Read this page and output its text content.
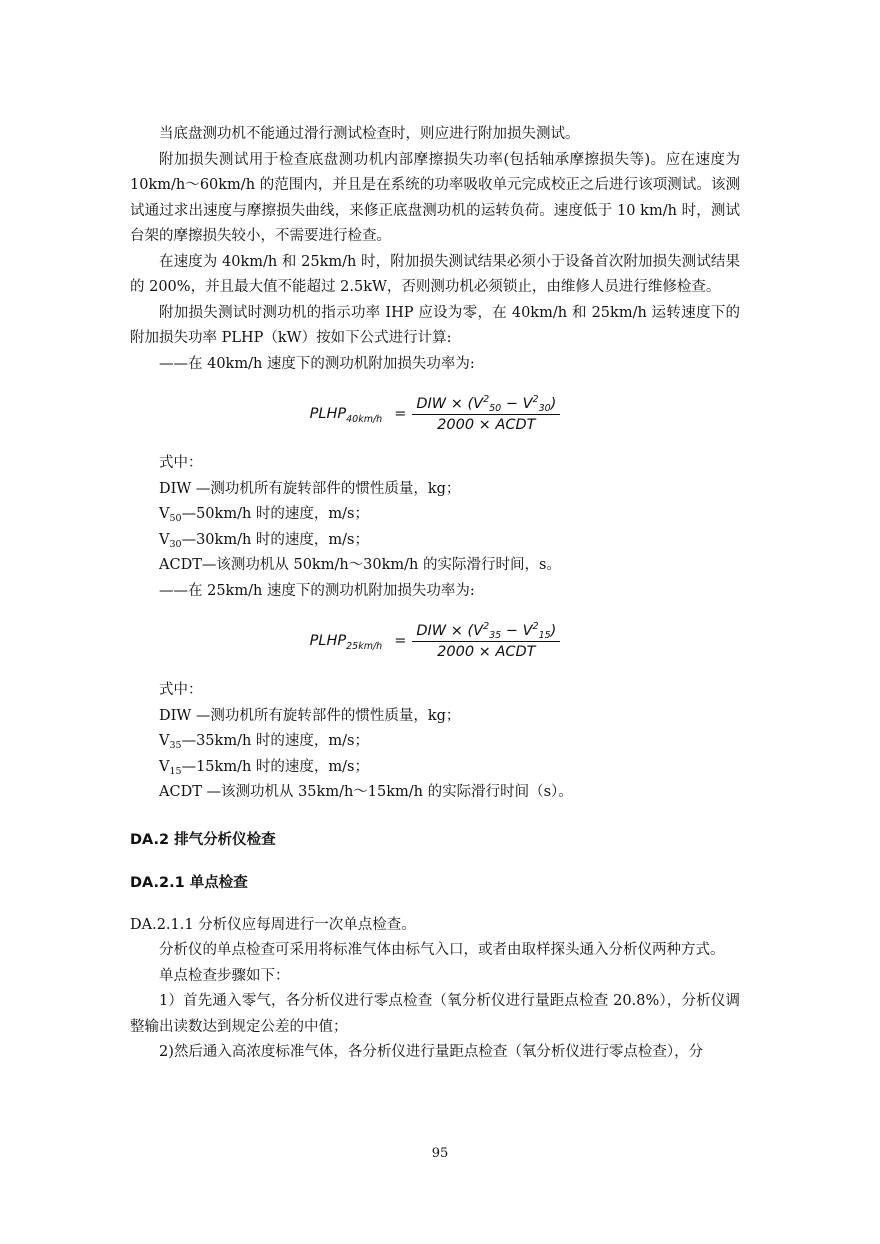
当底盘测功机不能通过滑行测试检查时，则应进行附加损失测试。

附加损失测试用于检查底盘测功机内部摩擦损失功率(包括轴承摩擦损失等)。应在速度为 10km/h～60km/h 的范围内，并且是在系统的功率吸收单元完成校正之后进行该项测试。该测试通过求出速度与摩擦损失曲线，来修正底盘测功机的运转负荷。速度低于 10 km/h 时，测试台架的摩擦损失较小，不需要进行检查。

在速度为 40km/h 和 25km/h 时，附加损失测试结果必须小于设备首次附加损失测试结果的 200%，并且最大值不能超过 2.5kW，否则测功机必须锁止，由维修人员进行维修检查。

附加损失测试时测功机的指示功率 IHP 应设为零，在 40km/h 和 25km/h 运转速度下的附加损失功率 PLHP（kW）按如下公式进行计算:

——在 40km/h 速度下的测功机附加损失功率为:

$PLHP_{40km/h} = \frac{DIW \times (V^2_{50} - V^2_{30})}{\text{2000 × ACDT}}$

式中：

DIW —测功机所有旋转部件的惯性质量，kg；

$V_{50}—50km/h$ 时的速度，m/s；

$V_{30}—30km/h$ 时的速度，m/s；

ACDT—该测功机从 50km/h～30km/h 的实际滑行时间，s。

——在 25km/h 速度下的测功机附加损失功率为:

$PLHP_{25km/h} = \frac{DIW \times (V^2_{35} - V^2_{15})}{\text{2000 × ACDT}}$

式中：

DIW —测功机所有旋转部件的惯性质量，kg；

$V_{35}—35km/h$ 时的速度，m/s；

$V_{15}—15km/h$ 时的速度，m/s；

ACDT —该测功机从 35km/h～15km/h 的实际滑行时间（s）。

DA.2 排气分析仪检查

DA.2.1 单点检查

DA.2.1.1 分析仪应每周进行一次单点检查。

分析仪的单点检查可采用将标准气体由标气入口，或者由取样探头通入分析仪两种方式。

单点检查步骤如下：

1）首先通入零气，各分析仪进行零点检查（氧分析仪进行量距点检查 20.8%），分析仪调整输出读数达到规定公差的中值；

2)然后通入高浓度标准气体，各分析仪进行量距点检查（氧分析仪进行零点检查），分

95
